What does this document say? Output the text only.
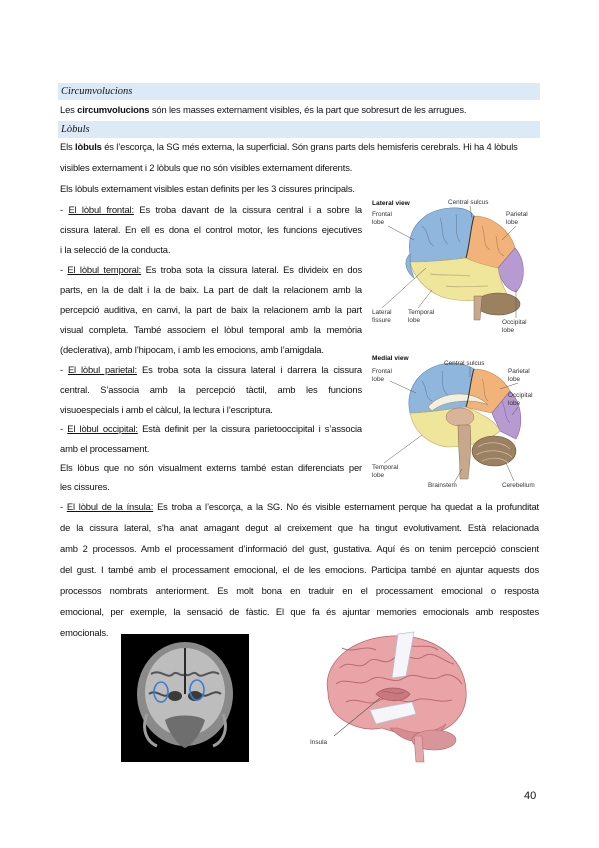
Circumvolucions
Les circumvolucions són les masses externament visibles, és la part que sobresurt de les arrugues.
Lòbuls
Els lòbuls és l’escorça, la SG més externa, la superficial. Són grans parts dels hemisferis cerebrals. Hi ha 4 lòbuls
visibles externament i 2 lòbuls que no són visibles externament diferents.
Els lòbuls externament visibles estan definits per les 3 cissures principals.
- El lòbul frontal: Es troba davant de la cissura central i a sobre la
cissura lateral. En ell es dona el control motor, les funcions ejecutives
i la selecció de la conducta.
- El lòbul temporal: Es troba sota la cissura lateral. Es divideix en dos
parts, en la de dalt i la de baix. La part de dalt la relacionem amb la
percepció auditiva, en canvi, la part de baix la relacionem amb la part
visual completa. També associem el lòbul temporal amb la memòria
(declerativa), amb l’hipocam, i amb les emocions, amb l’amigdala.
- El lòbul parietal: Es troba sota la cissura lateral i darrera la cissura
central. S’associa amb la percepció tàctil, amb les funcions
visuoespecials i amb el càlcul, la lectura i l’escriptura.
- El lòbul occipital: Està definit per la cissura parietooccipital i s’associa
amb el processament.
Els lòbus que no són visualment externs també estan diferenciats per
les cissures.
- El lòbul de la ínsula: Es troba a l’escorça, a la SG. No és visible esternament perque ha quedat a la profunditat
de la cissura lateral, s’ha anat amagant degut al creixement que ha tingut evolutivament. Està relacionada
amb 2 processos. Amb el processament d’informació del gust, gustativa. Aquí és on tenim percepció conscient
del gust. I també amb el processament emocional, el de les emocions. Participa també en ajuntar aquests dos
processos nombrats anteriorment. Es molt bona en traduir en el processament emocional o resposta
emocional, per exemple, la sensació de fàstic. El que fa és ajuntar memories emocionals amb respostes
emocionals.
Lateral view	Central sulcus
Frontal
lobe
Parietal
lobe
Lateral
fissure
Temporal
lobe	Occipital
lobe
Medial view
Central sulcus
Frontal
lobe
Parietal
lobe
Occipital
lobe
Temporal
lobe
Brainstem	Cerebellum
Insula
40
